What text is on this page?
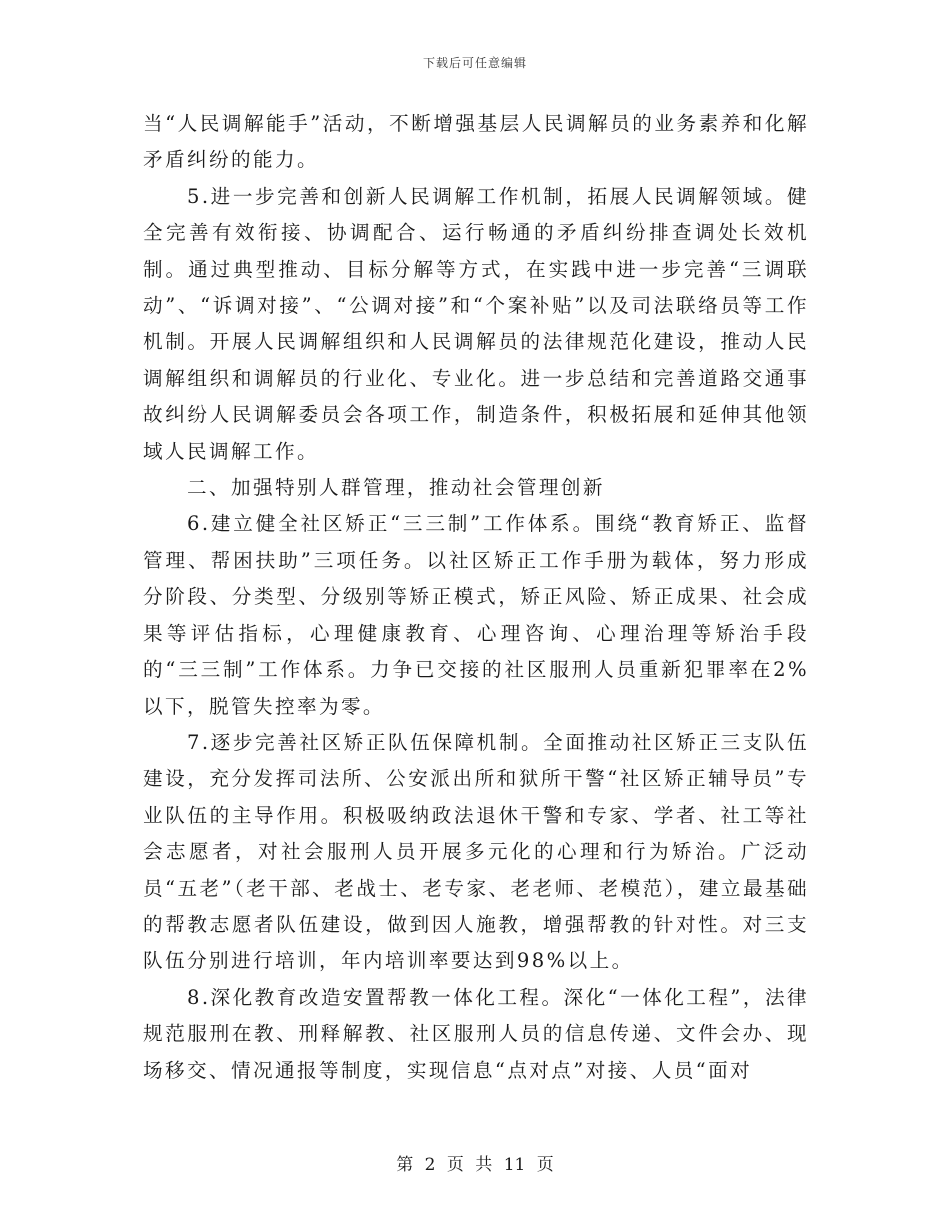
下载后可任意编辑

当“人民调解能手”活动，不断增强基层人民调解员的业务素养和化解矛盾纠纷的能力。

5.进一步完善和创新人民调解工作机制，拓展人民调解领域。健全完善有效衔接、协调配合、运行畅通的矛盾纠纷排查调处长效机制。通过典型推动、目标分解等方式，在实践中进一步完善“三调联动”、“诉调对接”、“公调对接”和“个案补贴”以及司法联络员等工作机制。开展人民调解组织和人民调解员的法律规范化建设，推动人民调解组织和调解员的行业化、专业化。进一步总结和完善道路交通事故纠纷人民调解委员会各项工作，制造条件，积极拓展和延伸其他领域人民调解工作。

二、加强特别人群管理，推动社会管理创新

6.建立健全社区矫正“三三制”工作体系。围绕“教育矫正、监督管理、帮困扶助”三项任务。以社区矫正工作手册为载体，努力形成分阶段、分类型、分级别等矫正模式，矫正风险、矫正成果、社会成果等评估指标，心理健康教育、心理咨询、心理治理等矫治手段的“三三制”工作体系。力争已交接的社区服刑人员重新犯罪率在2%以下，脱管失控率为零。

7.逐步完善社区矫正队伍保障机制。全面推动社区矫正三支队伍建设，充分发挥司法所、公安派出所和狱所干警“社区矫正辅导员”专业队伍的主导作用。积极吸纳政法退休干警和专家、学者、社工等社会志愿者，对社会服刑人员开展多元化的心理和行为矫治。广泛动员“五老”（老干部、老战士、老专家、老老师、老模范），建立最基础的帮教志愿者队伍建设，做到因人施教，增强帮教的针对性。对三支队伍分别进行培训，年内培训率要达到98%以上。

8.深化教育改造安置帮教一体化工程。深化“一体化工程”，法律规范服刑在教、刑释解教、社区服刑人员的信息传递、文件会办、现场移交、情况通报等制度，实现信息“点对点”对接、人员“面对

第 2 页 共 11 页
